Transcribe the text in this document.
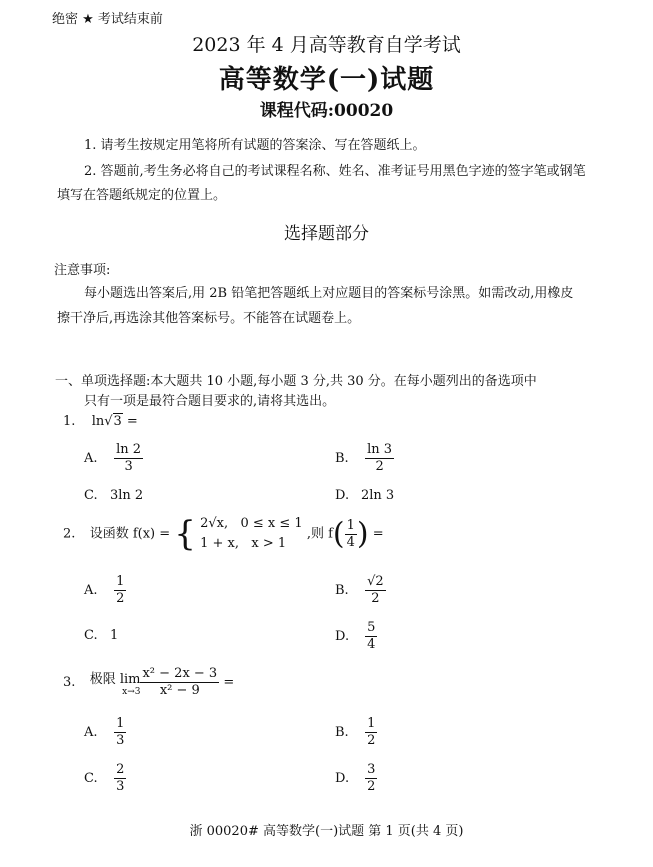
绝密 ★ 考试结束前
2023 年 4 月高等教育自学考试
高等数学(一)试题
课程代码:00020
1. 请考生按规定用笔将所有试题的答案涂、写在答题纸上。
2. 答题前,考生务必将自己的考试课程名称、姓名、准考证号用黑色字迹的签字笔或钢笔
填写在答题纸规定的位置上。
选择题部分
注意事项:
每小题选出答案后,用 2B 铅笔把答题纸上对应题目的答案标号涂黑。如需改动,用橡皮
擦干净后,再选涂其他答案标号。不能答在试题卷上。
一、单项选择题:本大题共 10 小题,每小题 3 分,共 30 分。在每小题列出的备选项中
只有一项是最符合题目要求的,请将其选出。
1. ln√3 =
A. $\frac{\ln 2}{3}$	B. $\frac{\ln 3}{2}$
C. 3ln 2	D. 2ln 3
2. 设函数 f(x) = { 2√x, 0 ≤ x ≤ 1
1 + x, x > 1
,则 $f( \frac{1}{4}$ ) =
A. $\frac{1}{2}$	B. $\frac{√2}{2}$
C. 1	D. $\frac{5}{4}$
3. 极限 lim
$x\to 3 \frac{\text{x² − 2x − 3}}{\text{x² − 9}}$ =
A. $\frac{1}{3}$	B. $\frac{1}{2}$
C. $\frac{2}{3}$	D. $\frac{3}{2}$
浙 00020# 高等数学(一)试题 第 1 页(共 4 页)
